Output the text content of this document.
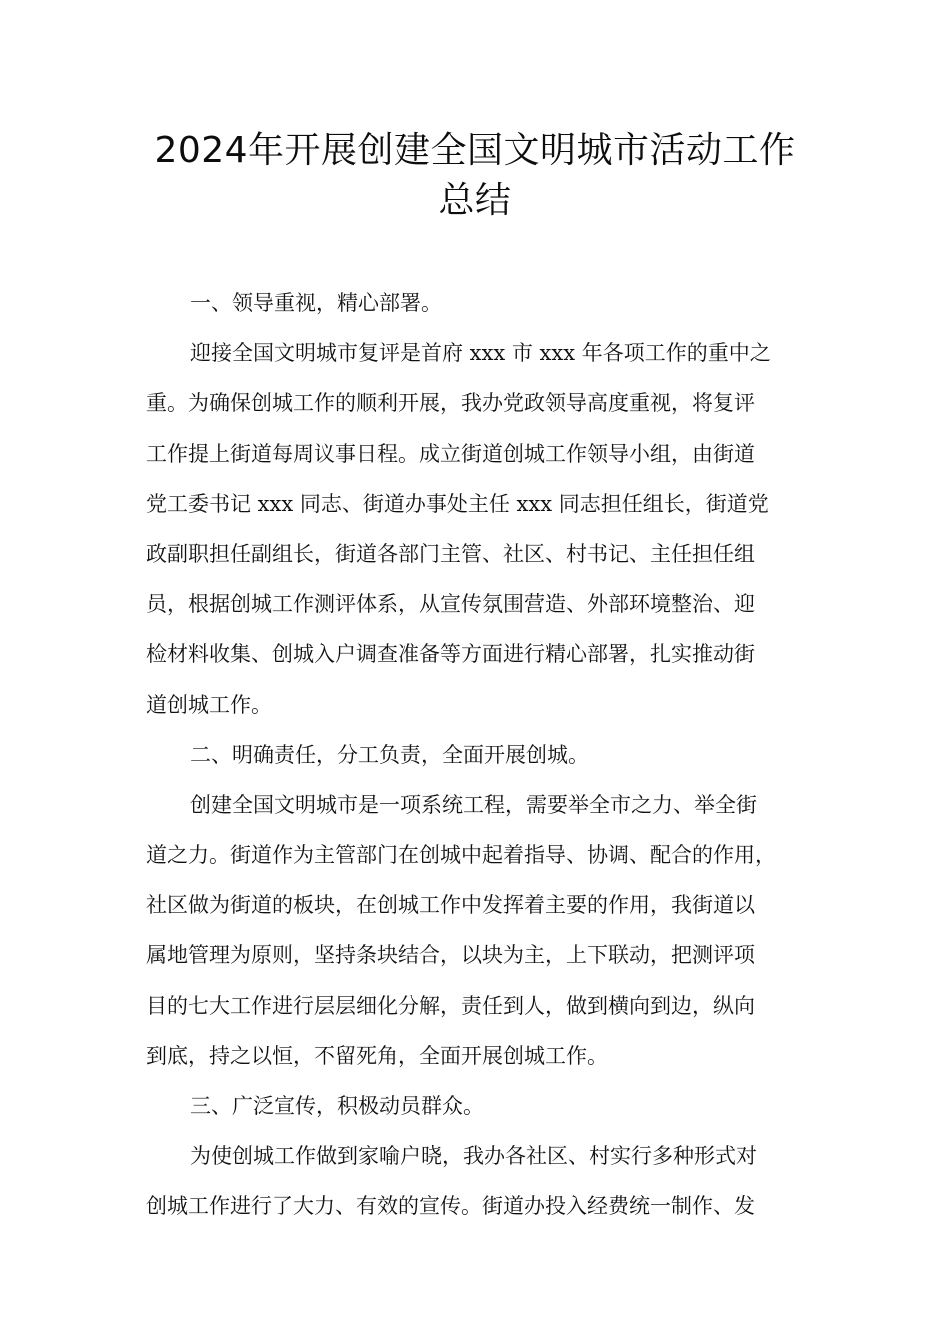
2024年开展创建全国文明城市活动工作
总结
一、领导重视，精心部署。
迎接全国文明城市复评是首府 xxx 市 xxx 年各项工作的重中之
重。为确保创城工作的顺利开展，我办党政领导高度重视，将复评
工作提上街道每周议事日程。成立街道创城工作领导小组，由街道
党工委书记 xxx 同志、街道办事处主任 xxx 同志担任组长，街道党
政副职担任副组长，街道各部门主管、社区、村书记、主任担任组
员，根据创城工作测评体系，从宣传氛围营造、外部环境整治、迎
检材料收集、创城入户调查准备等方面进行精心部署，扎实推动街
道创城工作。
二、明确责任，分工负责，全面开展创城。
创建全国文明城市是一项系统工程，需要举全市之力、举全街
道之力。街道作为主管部门在创城中起着指导、协调、配合的作用，
社区做为街道的板块，在创城工作中发挥着主要的作用，我街道以
属地管理为原则，坚持条块结合，以块为主，上下联动，把测评项
目的七大工作进行层层细化分解，责任到人，做到横向到边，纵向
到底，持之以恒，不留死角，全面开展创城工作。
三、广泛宣传，积极动员群众。
为使创城工作做到家喻户晓，我办各社区、村实行多种形式对
创城工作进行了大力、有效的宣传。街道办投入经费统一制作、发
